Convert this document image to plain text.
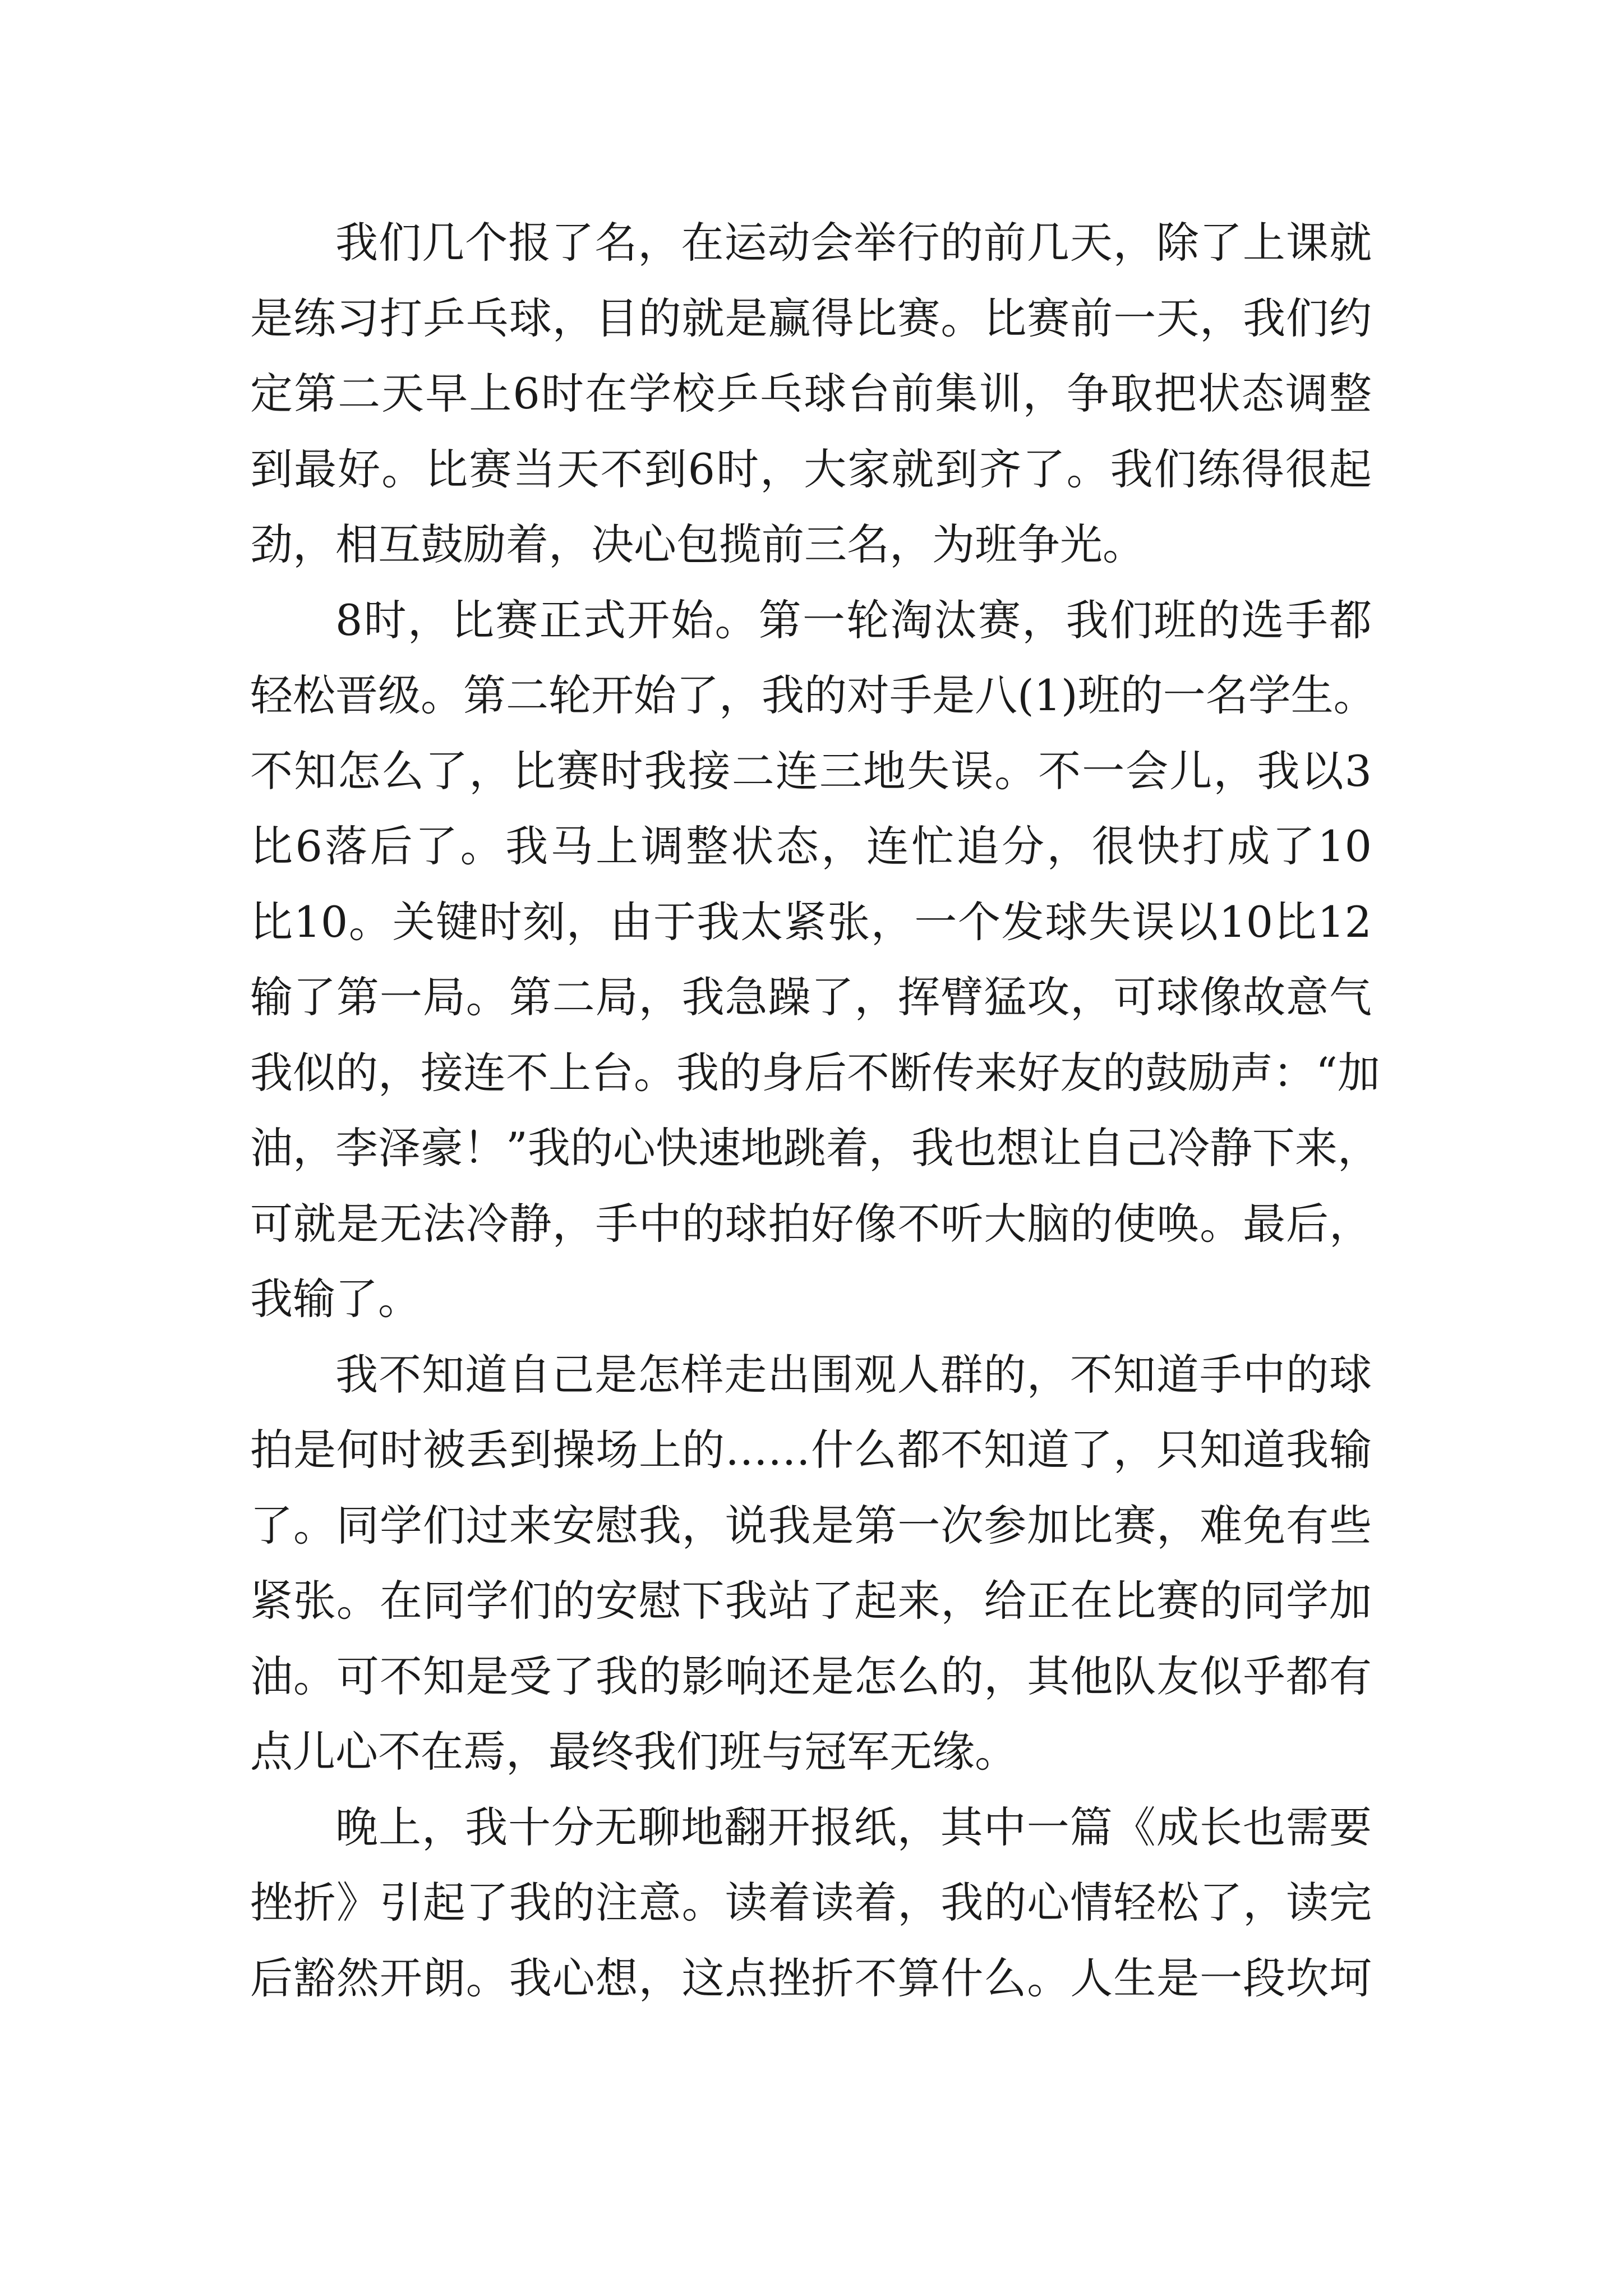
我们几个报了名，在运动会举行的前几天，除了上课就
是练习打乒乓球，目的就是赢得比赛。比赛前一天，我们约
定第二天早上6时在学校乒乓球台前集训，争取把状态调整
到最好。比赛当天不到6时，大家就到齐了。我们练得很起
劲，相互鼓励着，决心包揽前三名，为班争光。
8时，比赛正式开始。第一轮淘汰赛，我们班的选手都
轻松晋级。第二轮开始了，我的对手是八(1)班的一名学生。
不知怎么了，比赛时我接二连三地失误。不一会儿，我以3
比6落后了。我马上调整状态，连忙追分，很快打成了10
比10。关键时刻，由于我太紧张，一个发球失误以10比12
输了第一局。第二局，我急躁了，挥臂猛攻，可球像故意气
我似的，接连不上台。我的身后不断传来好友的鼓励声：“加
油，李泽豪！”我的心快速地跳着，我也想让自己冷静下来，
可就是无法冷静，手中的球拍好像不听大脑的使唤。最后，
我输了。
我不知道自己是怎样走出围观人群的，不知道手中的球
拍是何时被丢到操场上的……什么都不知道了，只知道我输
了。同学们过来安慰我，说我是第一次参加比赛，难免有些
紧张。在同学们的安慰下我站了起来，给正在比赛的同学加
油。可不知是受了我的影响还是怎么的，其他队友似乎都有
点儿心不在焉，最终我们班与冠军无缘。
晚上，我十分无聊地翻开报纸，其中一篇《成长也需要
挫折》引起了我的注意。读着读着，我的心情轻松了，读完
后豁然开朗。我心想，这点挫折不算什么。人生是一段坎坷
